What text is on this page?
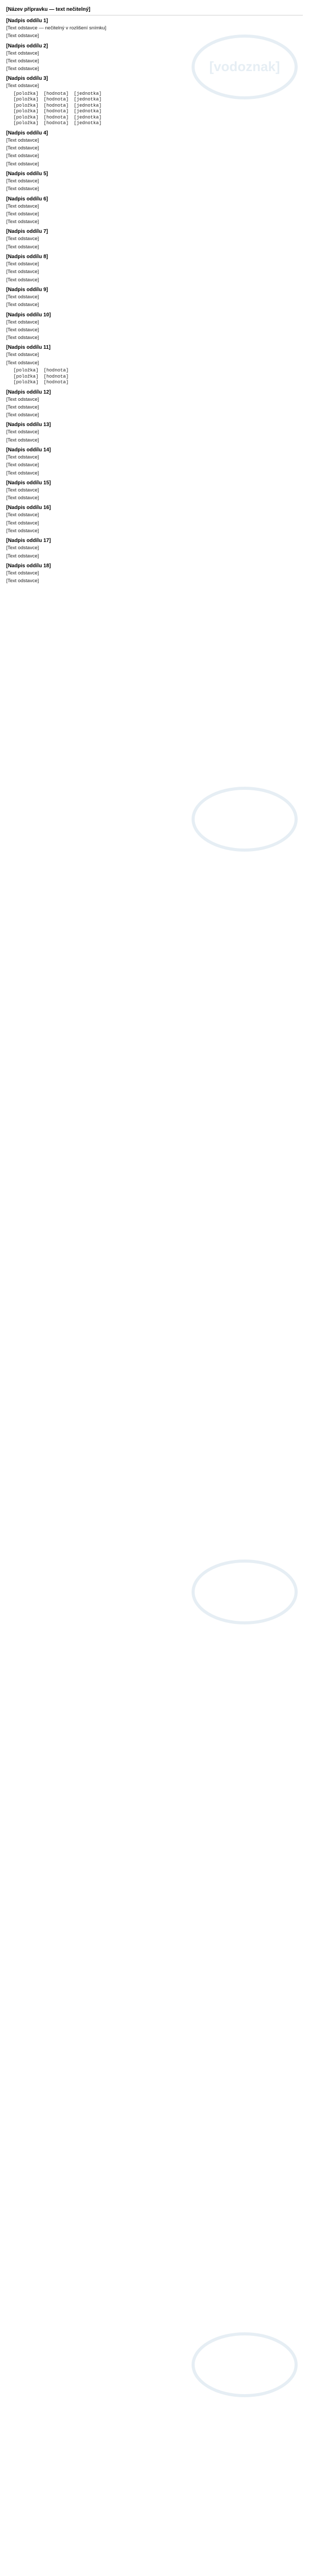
[vodoznak]
[Název přípravku — text nečitelný]
[Nadpis oddílu 1]

[Text odstavce — nečitelný v rozlišení snímku]

[Text odstavce]

[Nadpis oddílu 2]

[Text odstavce]

[Text odstavce]

[Text odstavce]

[Nadpis oddílu 3]

[Text odstavce]

[položka]	[hodnota]	[jednotka]
[položka]	[hodnota]	[jednotka]
[položka]	[hodnota]	[jednotka]
[položka]	[hodnota]	[jednotka]
[položka]	[hodnota]	[jednotka]
[položka]	[hodnota]	[jednotka]
[Nadpis oddílu 4]

[Text odstavce]

[Text odstavce]

[Text odstavce]

[Text odstavce]

[Nadpis oddílu 5]

[Text odstavce]

[Text odstavce]

[Nadpis oddílu 6]

[Text odstavce]

[Text odstavce]

[Text odstavce]

[Nadpis oddílu 7]

[Text odstavce]

[Text odstavce]

[Nadpis oddílu 8]

[Text odstavce]

[Text odstavce]

[Text odstavce]

[Nadpis oddílu 9]

[Text odstavce]

[Text odstavce]

[Nadpis oddílu 10]

[Text odstavce]

[Text odstavce]

[Text odstavce]

[Nadpis oddílu 11]

[Text odstavce]

[Text odstavce]

[položka]	[hodnota]
[položka]	[hodnota]
[položka]	[hodnota]
[Nadpis oddílu 12]

[Text odstavce]

[Text odstavce]

[Text odstavce]

[Nadpis oddílu 13]

[Text odstavce]

[Text odstavce]

[Nadpis oddílu 14]

[Text odstavce]

[Text odstavce]

[Text odstavce]

[Nadpis oddílu 15]

[Text odstavce]

[Text odstavce]

[Nadpis oddílu 16]

[Text odstavce]

[Text odstavce]

[Text odstavce]

[Nadpis oddílu 17]

[Text odstavce]

[Text odstavce]

[Nadpis oddílu 18]

[Text odstavce]

[Text odstavce]
